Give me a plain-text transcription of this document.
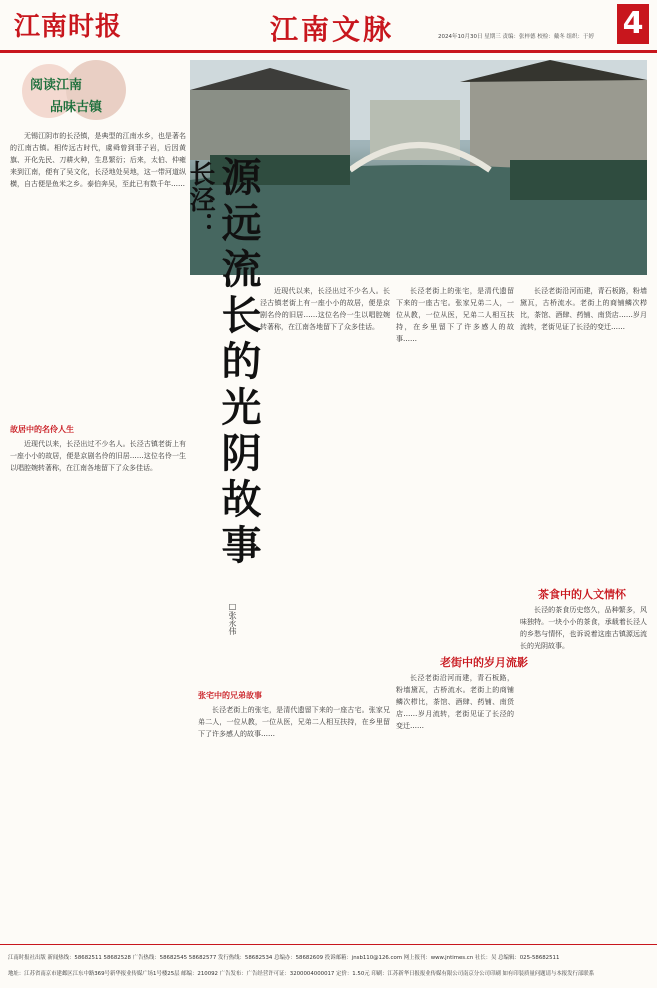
江南时报	江南文脉	2024年10月30日 星期三 责编：张梓德 校检：戴冬 组织：于婷 4
阅读江南
品味古镇
无锡江阴市的长泾镇，是典型的江南水乡，也是著名的江南古镇。相传远古时代，虞舜曾到菲子岩，后因黄旗、开化先民、刀耕火种，生息繁衍；后来，太伯、仲雍来到江南，便有了吴文化，长泾地处吴地，这一带河道纵横，自古便是鱼米之乡。泰伯奔吴，至此已有数千年……
故居中的名伶人生
近现代以来，长泾出过不少名人。长泾古镇老街上有一座小小的故居，便是京剧名伶的旧居……这位名伶一生以唱腔婉转著称，在江南各地留下了众多佳话。
长泾： 源远流长的光阴故事
□张永伟
近现代以来，长泾出过不少名人。长泾古镇老街上有一座小小的故居，便是京剧名伶的旧居……这位名伶一生以唱腔婉转著称，在江南各地留下了众多佳话。
张宅中的兄弟故事
长泾老街上的张宅，是清代遗留下来的一座古宅。张家兄弟二人，一位从教，一位从医，兄弟二人相互扶持，在乡里留下了许多感人的故事……
长泾老街上的张宅，是清代遗留下来的一座古宅。张家兄弟二人，一位从教，一位从医，兄弟二人相互扶持，在乡里留下了许多感人的故事……
老街中的岁月流影
长泾老街沿河而建，青石板路，粉墙黛瓦，古桥流水。老街上的商铺鳞次栉比，茶馆、酒肆、药铺、南货店……岁月流转，老街见证了长泾的变迁……
长泾老街沿河而建，青石板路，粉墙黛瓦，古桥流水。老街上的商铺鳞次栉比，茶馆、酒肆、药铺、南货店……岁月流转，老街见证了长泾的变迁……
茶食中的人文情怀
长泾的茶食历史悠久，品种繁多，风味独特。一块小小的茶食，承载着长泾人的乡愁与情怀，也诉说着这座古镇源远流长的光阴故事。
江南时报社出版 新闻热线：58682511 58682528 广告热线：58682545 58682577 发行热线：58682534 总编办：58682609 投诉邮箱：jnsb110@126.com 网上报刊：www.jntimes.cn 社长：吴 总编辑：025-58682511
地址：江苏省南京市建邺区江东中路369号新华报业传媒广场1号楼25层 邮编：210092 广告发布：广告经营许可证：3200004000017 定价：1.50元 印刷：江苏新华日报报业传媒有限公司南京分公司印刷 如有印装质量问题请与本报发行部联系
